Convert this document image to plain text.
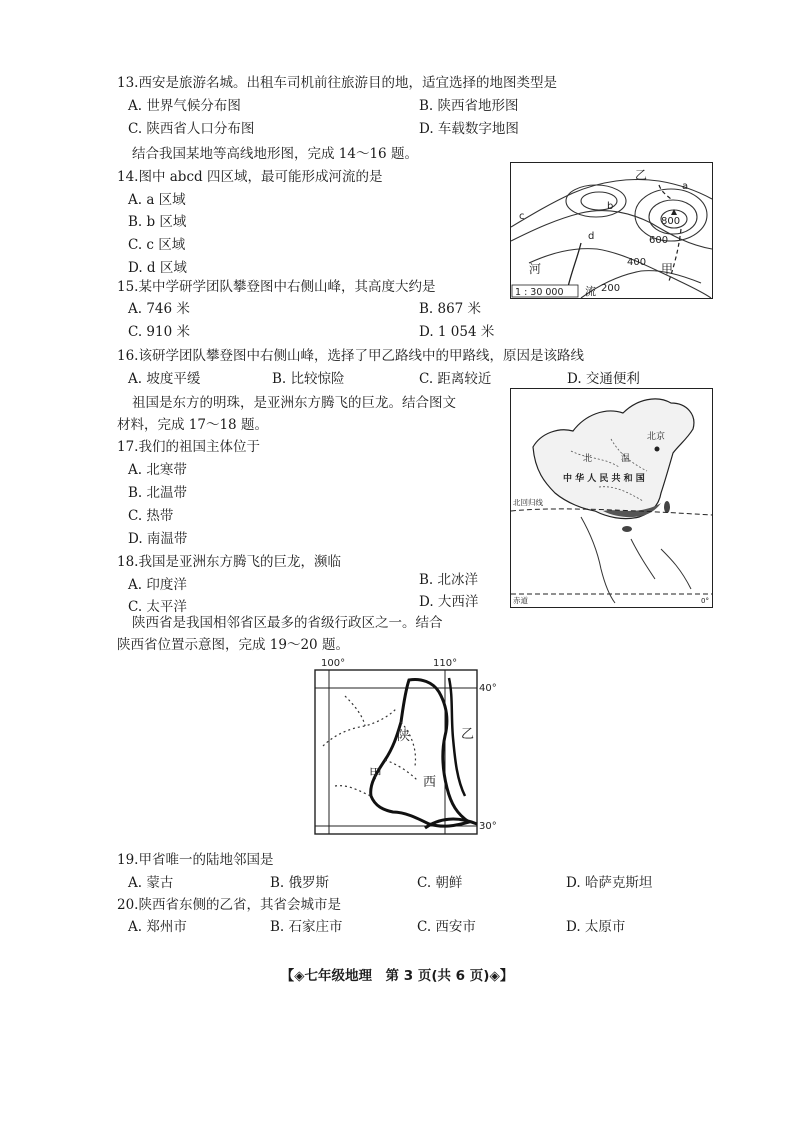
13.西安是旅游名城。出租车司机前往旅游目的地，适宜选择的地图类型是
A. 世界气候分布图	B. 陕西省地形图
C. 陕西省人口分布图	D. 车载数字地图
结合我国某地等高线地形图，完成 14～16 题。
14.图中 abcd 四区域，最可能形成河流的是
A. a 区域
B. b 区域
C. c 区域
D. d 区域
乙
a
b
c
d
800
600
400
200
甲
河
1 : 30 000 流
15.某中学研学团队攀登图中右侧山峰，其高度大约是
A. 746 米	B. 867 米
C. 910 米	D. 1 054 米
16.该研学团队攀登图中右侧山峰，选择了甲乙路线中的甲路线，原因是该路线
A. 坡度平缓	B. 比较惊险	C. 距离较近	D. 交通便利
祖国是东方的明珠，是亚洲东方腾飞的巨龙。结合图文
材料，完成 17～18 题。
17.我们的祖国主体位于
A. 北寒带
B. 北温带
C. 热带
D. 南温带
北京
北	温
中 华 人 民 共 和 国
北回归线
赤道	0°
18.我国是亚洲东方腾飞的巨龙，濒临
A. 印度洋	B. 北冰洋
C. 太平洋	D. 大西洋
陕西省是我国相邻省区最多的省级行政区之一。结合
陕西省位置示意图，完成 19～20 题。
100°	110°
40°
30°
陕
西
甲
乙
19.甲省唯一的陆地邻国是
A. 蒙古	B. 俄罗斯	C. 朝鲜	D. 哈萨克斯坦
20.陕西省东侧的乙省，其省会城市是
A. 郑州市	B. 石家庄市	C. 西安市	D. 太原市
【◈七年级地理　第 3 页(共 6 页)◈】
